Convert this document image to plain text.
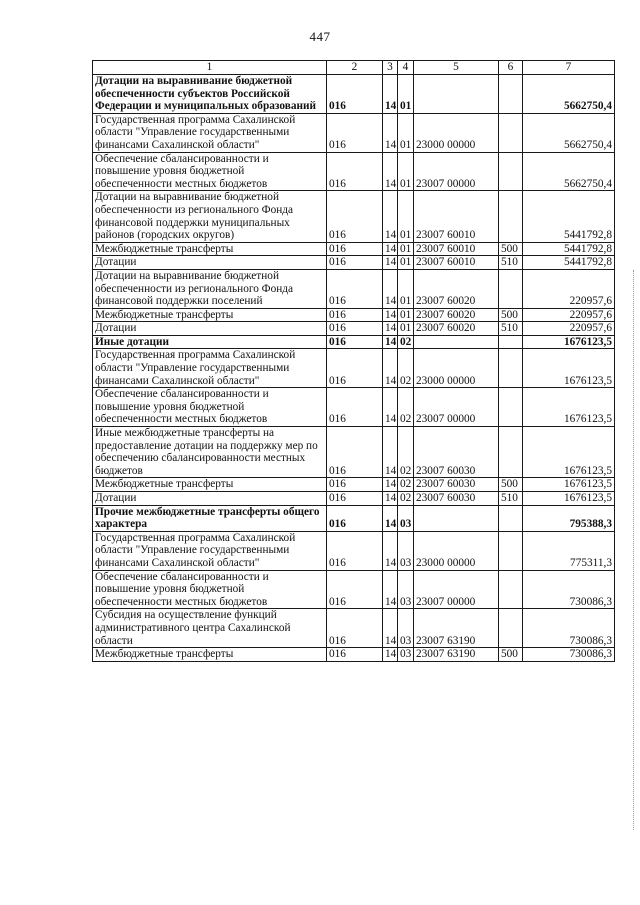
447
1	2	3	4	5	6	7
Дотации на выравнивание бюджетной обеспеченности субъектов Российской Федерации и муниципальных образований	016	14	01			5662750,4
Государственная программа Сахалинской области "Управление государственными финансами Сахалинской области"	016	14	01	23000 00000		5662750,4
Обеспечение сбалансированности и повышение уровня бюджетной обеспеченности местных бюджетов	016	14	01	23007 00000		5662750,4
Дотации на выравнивание бюджетной обеспеченности из регионального Фонда финансовой поддержки муниципальных районов (городских округов)	016	14	01	23007 60010		5441792,8
Межбюджетные трансферты	016	14	01	23007 60010	500	5441792,8
Дотации	016	14	01	23007 60010	510	5441792,8
Дотации на выравнивание бюджетной обеспеченности из регионального Фонда финансовой поддержки поселений	016	14	01	23007 60020		220957,6
Межбюджетные трансферты	016	14	01	23007 60020	500	220957,6
Дотации	016	14	01	23007 60020	510	220957,6
Иные дотации	016	14	02			1676123,5
Государственная программа Сахалинской области "Управление государственными финансами Сахалинской области"	016	14	02	23000 00000		1676123,5
Обеспечение сбалансированности и повышение уровня бюджетной обеспеченности местных бюджетов	016	14	02	23007 00000		1676123,5
Иные межбюджетные трансферты на предоставление дотации на поддержку мер по обеспечению сбалансированности местных бюджетов	016	14	02	23007 60030		1676123,5
Межбюджетные трансферты	016	14	02	23007 60030	500	1676123,5
Дотации	016	14	02	23007 60030	510	1676123,5
Прочие межбюджетные трансферты общего характера	016	14	03			795388,3
Государственная программа Сахалинской области "Управление государственными финансами Сахалинской области"	016	14	03	23000 00000		775311,3
Обеспечение сбалансированности и повышение уровня бюджетной обеспеченности местных бюджетов	016	14	03	23007 00000		730086,3
Субсидия на осуществление функций административного центра Сахалинской области	016	14	03	23007 63190		730086,3
Межбюджетные трансферты	016	14	03	23007 63190	500	730086,3
